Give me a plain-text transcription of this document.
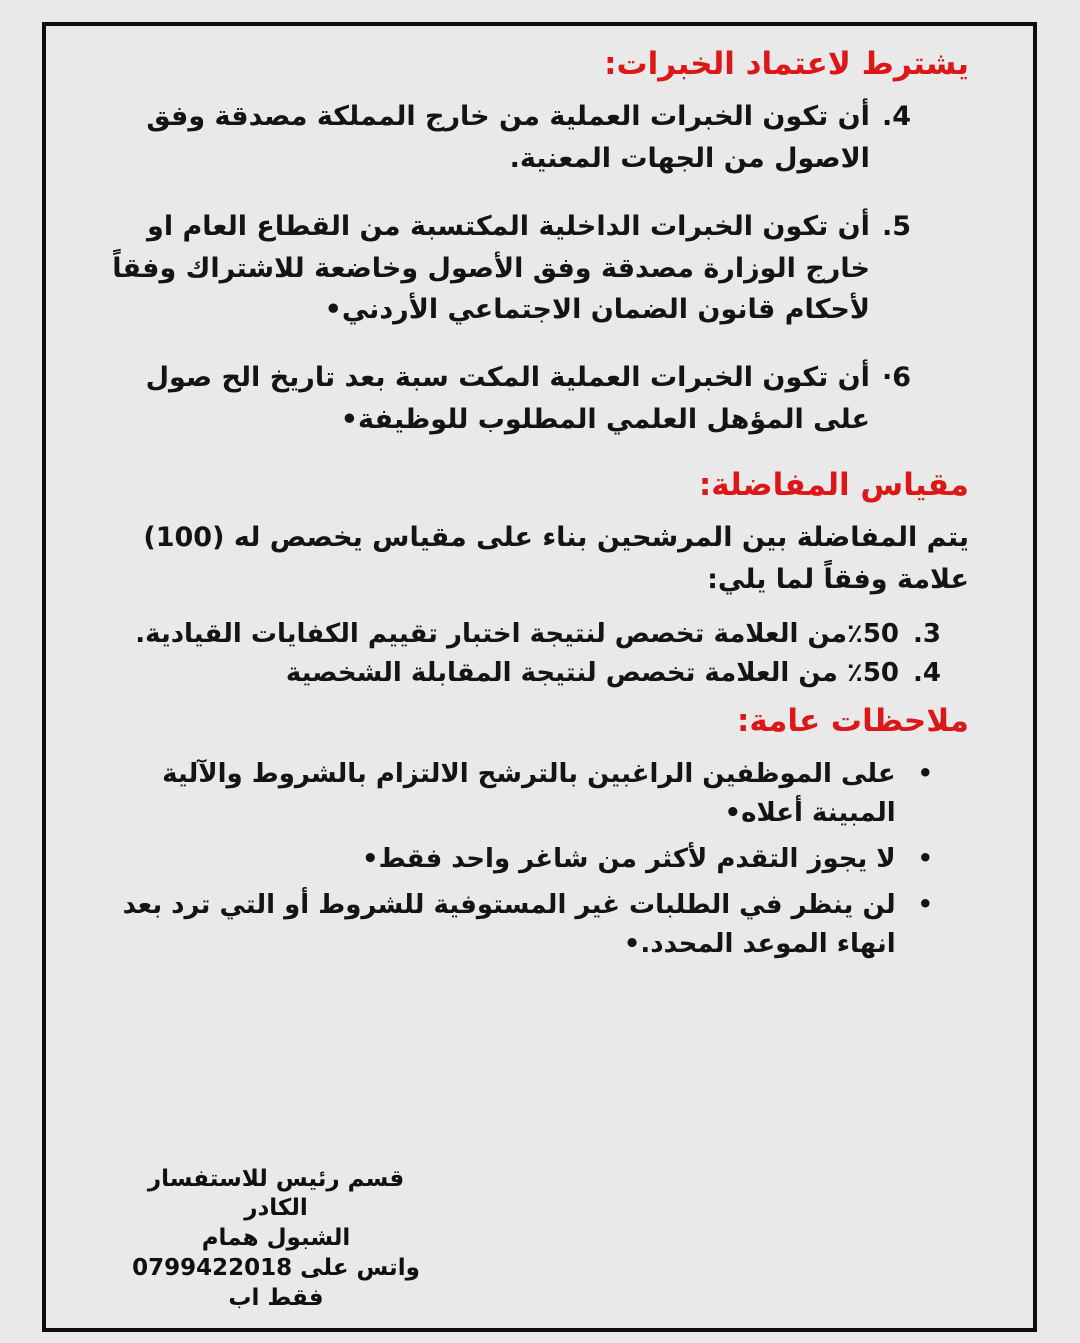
يشترط لاعتماد الخبرات:
4.
أن تكون الخبرات العملية من خارج المملكة مصدقة وفق الاصول من الجهات المعنية.
5.
أن تكون الخبرات الداخلية المكتسبة من القطاع العام او خارج الوزارة مصدقة وفق الأصول وخاضعة للاشتراك وفقاً لأحكام قانون الضمان الاجتماعي الأردني•
6·
أن تكون الخبرات العملية المكت سبة بعد تاريخ الح صول على المؤهل العلمي المطلوب للوظيفة•
مقياس المفاضلة:
يتم المفاضلة بين المرشحين بناء على مقياس يخصص له (100) علامة وفقاً لما يلي:
3.
٪50من العلامة تخصص لنتيجة اختبار تقييم الكفايات القيادية.
4.
٪50 من العلامة تخصص لنتيجة المقابلة الشخصية
ملاحظات عامة:
•
على الموظفين الراغبين بالترشح الالتزام بالشروط والآلية المبينة أعلاه•
•
لا يجوز التقدم لأكثر من شاغر واحد فقط•
•
لن ينظر في الطلبات غير المستوفية للشروط أو التي ترد بعد انهاء الموعد المحدد.•
للاستفسار رئيس قسم الكادر
همام الشبول
0799422018 على واتس اب فقط
